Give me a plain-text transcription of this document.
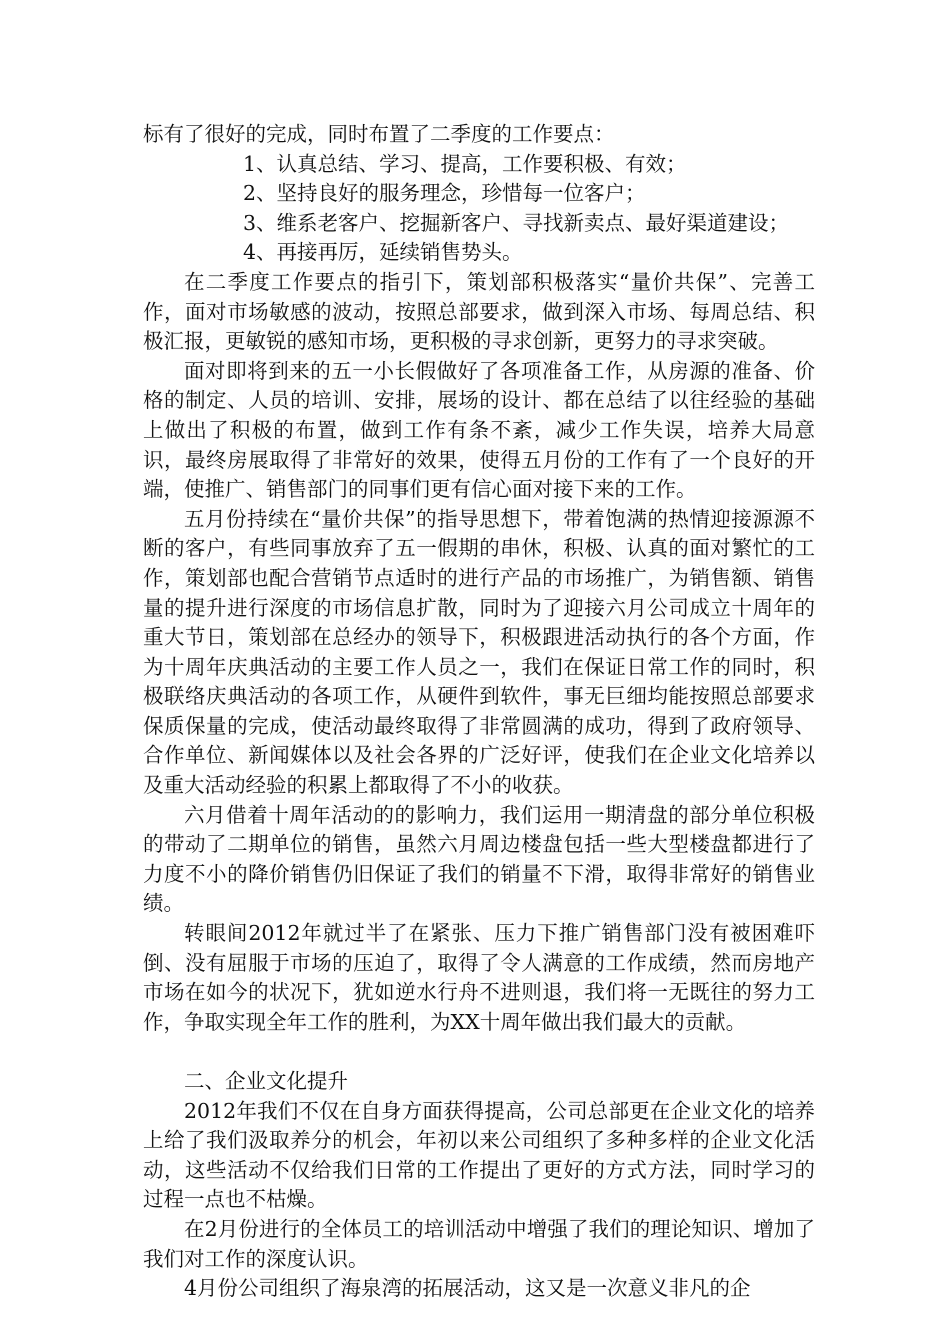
标有了很好的完成，同时布置了二季度的工作要点：

1、认真总结、学习、提高，工作要积极、有效；

2、坚持良好的服务理念，珍惜每一位客户；

3、维系老客户、挖掘新客户、寻找新卖点、最好渠道建设；

4、再接再厉，延续销售势头。

在二季度工作要点的指引下，策划部积极落实“量价共保”、完善工作，面对市场敏感的波动，按照总部要求，做到深入市场、每周总结、积极汇报，更敏锐的感知市场，更积极的寻求创新，更努力的寻求突破。

面对即将到来的五一小长假做好了各项准备工作，从房源的准备、价格的制定、人员的培训、安排，展场的设计、都在总结了以往经验的基础上做出了积极的布置，做到工作有条不紊，减少工作失误，培养大局意识，最终房展取得了非常好的效果，使得五月份的工作有了一个良好的开端，使推广、销售部门的同事们更有信心面对接下来的工作。

五月份持续在“量价共保”的指导思想下，带着饱满的热情迎接源源不断的客户，有些同事放弃了五一假期的串休，积极、认真的面对繁忙的工作，策划部也配合营销节点适时的进行产品的市场推广，为销售额、销售量的提升进行深度的市场信息扩散，同时为了迎接六月公司成立十周年的重大节日，策划部在总经办的领导下，积极跟进活动执行的各个方面，作为十周年庆典活动的主要工作人员之一，我们在保证日常工作的同时，积极联络庆典活动的各项工作，从硬件到软件，事无巨细均能按照总部要求保质保量的完成，使活动最终取得了非常圆满的成功，得到了政府领导、合作单位、新闻媒体以及社会各界的广泛好评，使我们在企业文化培养以及重大活动经验的积累上都取得了不小的收获。

六月借着十周年活动的的影响力，我们运用一期清盘的部分单位积极的带动了二期单位的销售，虽然六月周边楼盘包括一些大型楼盘都进行了力度不小的降价销售仍旧保证了我们的销量不下滑，取得非常好的销售业绩。

转眼间2012年就过半了在紧张、压力下推广销售部门没有被困难吓倒、没有屈服于市场的压迫了，取得了令人满意的工作成绩，然而房地产市场在如今的状况下，犹如逆水行舟不进则退，我们将一无既往的努力工作，争取实现全年工作的胜利，为XX十周年做出我们最大的贡献。

二、企业文化提升

2012年我们不仅在自身方面获得提高，公司总部更在企业文化的培养上给了我们汲取养分的机会，年初以来公司组织了多种多样的企业文化活动，这些活动不仅给我们日常的工作提出了更好的方式方法，同时学习的过程一点也不枯燥。

在2月份进行的全体员工的培训活动中增强了我们的理论知识、增加了我们对工作的深度认识。

4月份公司组织了海泉湾的拓展活动，这又是一次意义非凡的企
